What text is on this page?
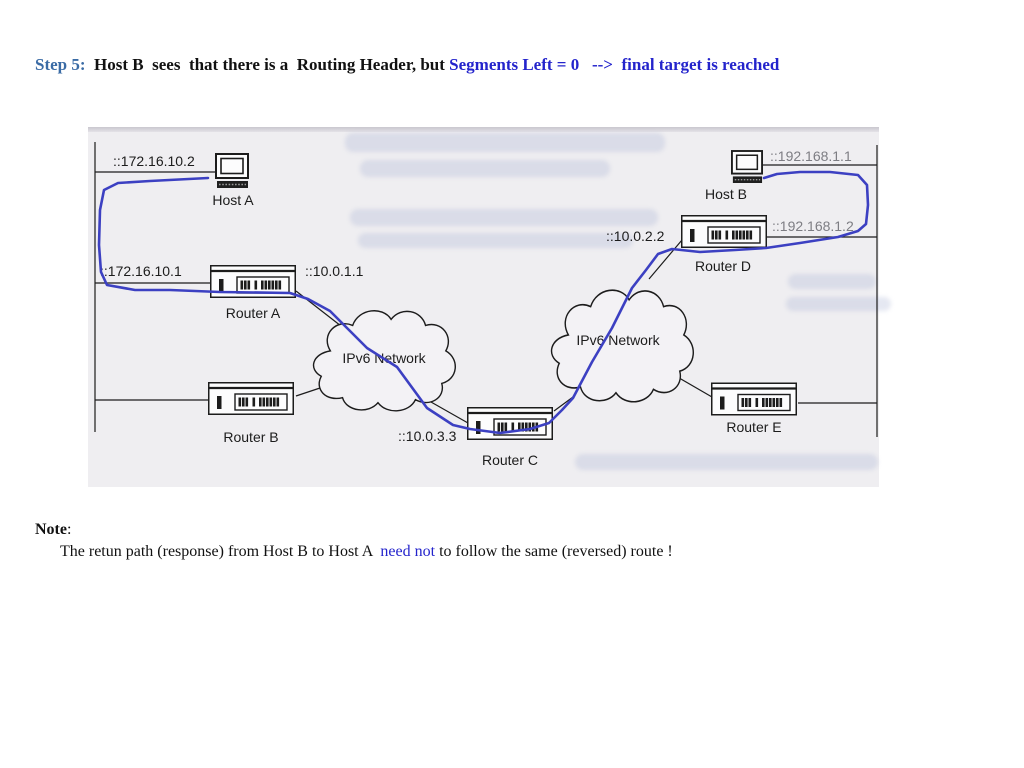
Step 5:  Host B  sees  that there is a  Routing Header, but Segments Left = 0   -->  final target is reached
::172.16.10.2
Host A
::172.16.10.1	::10.0.1.1
Router A
Router B
IPv6 Network
::10.0.3.3
Router C
IPv6 Network
::10.0.2.2
::192.168.1.2
Router D
Router E
Host B
::192.168.1.1
Note:
The retun path (response) from Host B to Host A  need not to follow the same (reversed) route !
